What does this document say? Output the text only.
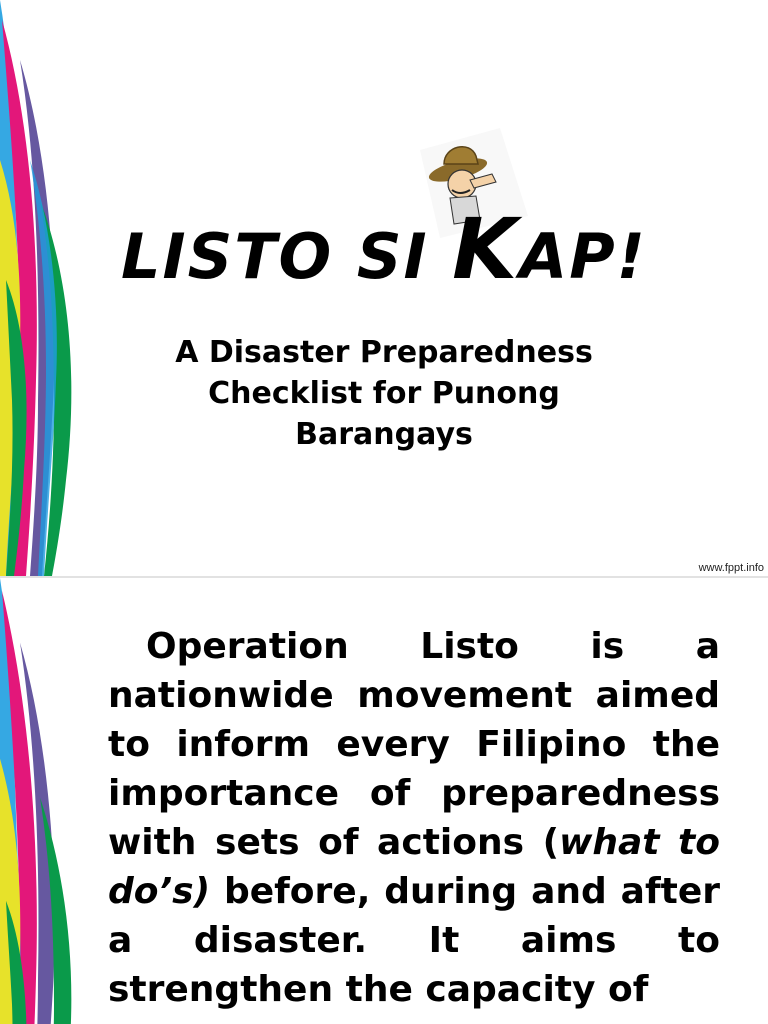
LISTO SI KAP!

A Disaster Preparedness Checklist for Punong Barangays

www.fppt.info

Operation Listo is a nationwide movement aimed to inform every Filipino the importance of preparedness with sets of actions (what to do’s) before, during and after a disaster. It aims to strengthen the capacity of
